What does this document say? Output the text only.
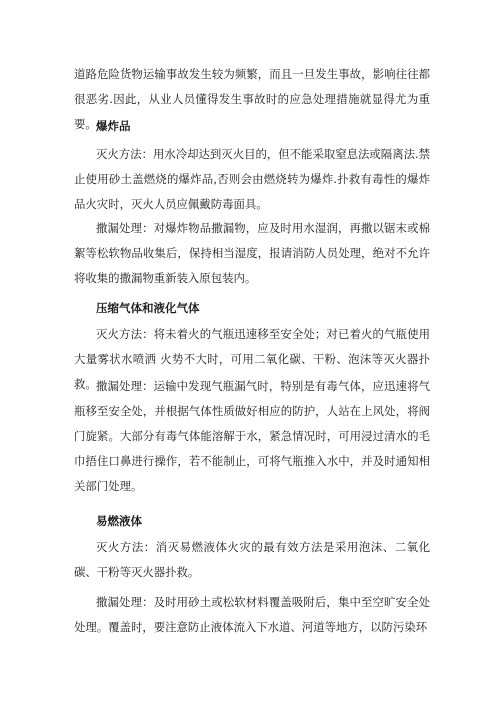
道路危险货物运输事故发生较为频繁，而且一旦发生事故，影响往往都很恶劣.因此，从业人员懂得发生事故时的应急处理措施就显得尤为重要。 爆炸品

灭火方法：用水冷却达到灭火目的，但不能采取窒息法或隔离法.禁止使用砂土盖燃烧的爆炸品,否则会由燃烧转为爆炸.扑救有毒性的爆炸品火灾时，灭火人员应佩戴防毒面具。

撒漏处理：对爆炸物品撒漏物，应及时用水湿润，再撒以锯末或棉絮等松软物品收集后，保持相当湿度，报请消防人员处理，绝对不允许将收集的撒漏物重新装入原包装内。

压缩气体和液化气体

灭火方法：将未着火的气瓶迅速移至安全处；对已着火的气瓶使用大量雾状水喷洒 火势不大时，可用二氧化碳、干粉、泡沫等灭火器扑救。 撒漏处理：运输中发现气瓶漏气时，特别是有毒气体，应迅速将气瓶移至安全处，并根据气体性质做好相应的防护，人站在上风处，将阀门旋紧。大部分有毒气体能溶解于水，紧急情况时，可用浸过清水的毛巾捂住口鼻进行操作，若不能制止，可将气瓶推入水中，并及时通知相关部门处理。

易燃液体

灭火方法：消灭易燃液体火灾的最有效方法是采用泡沫、二氧化碳、干粉等灭火器扑救。

撒漏处理：及时用砂土或松软材料覆盖吸附后，集中至空旷安全处处理。覆盖时，要注意防止液体流入下水道、河道等地方，以防污染环
